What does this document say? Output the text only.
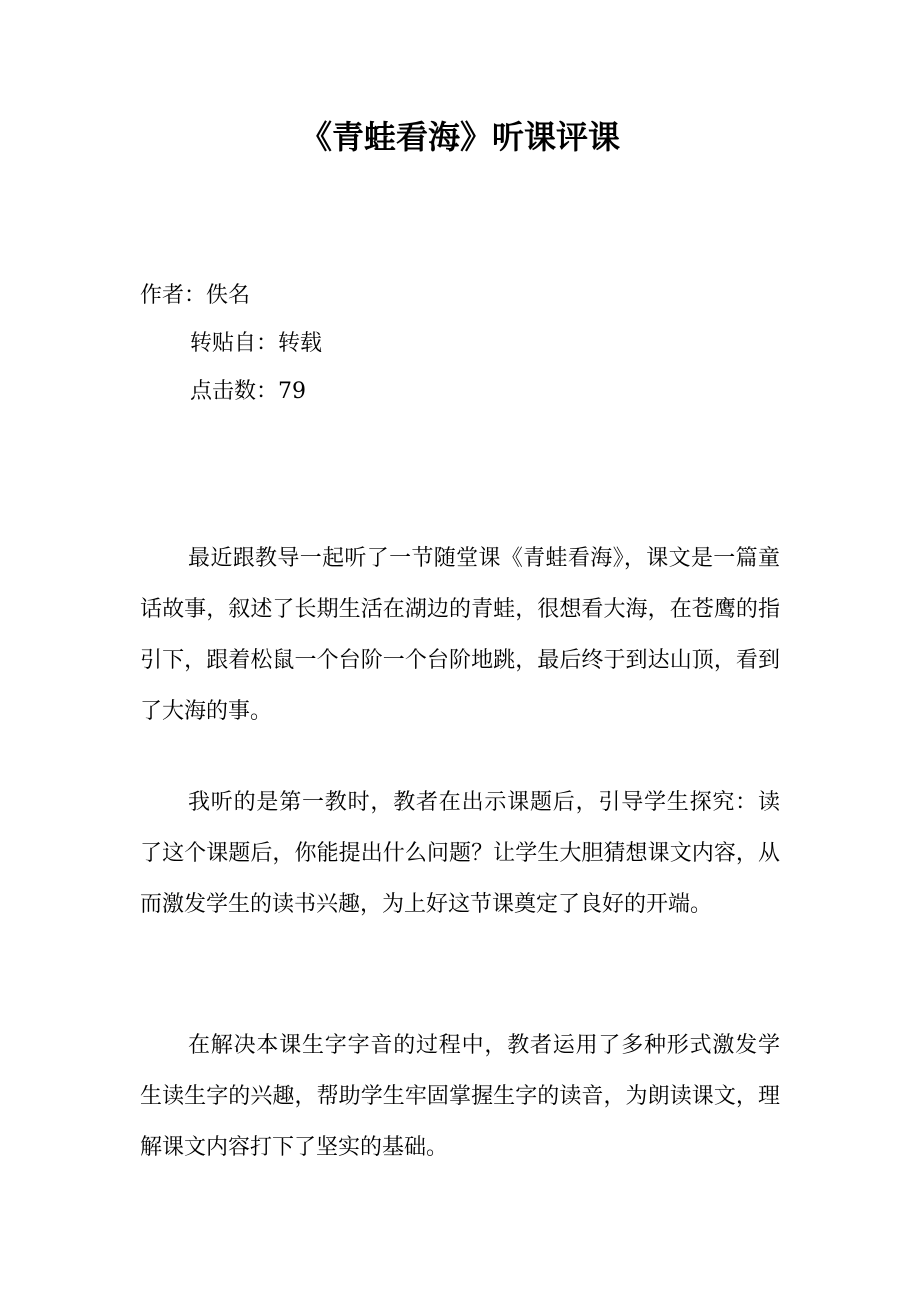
《青蛙看海》听课评课
作者：佚名
转贴自：转载
点击数：79

最近跟教导一起听了一节随堂课《青蛙看海》，课文是一篇童话故事，叙述了长期生活在湖边的青蛙，很想看大海，在苍鹰的指引下，跟着松鼠一个台阶一个台阶地跳，最后终于到达山顶，看到了大海的事。

我听的是第一教时，教者在出示课题后，引导学生探究：读了这个课题后，你能提出什么问题？让学生大胆猜想课文内容，从而激发学生的读书兴趣，为上好这节课奠定了良好的开端。

在解决本课生字字音的过程中，教者运用了多种形式激发学生读生字的兴趣，帮助学生牢固掌握生字的读音，为朗读课文，理解课文内容打下了坚实的基础。
